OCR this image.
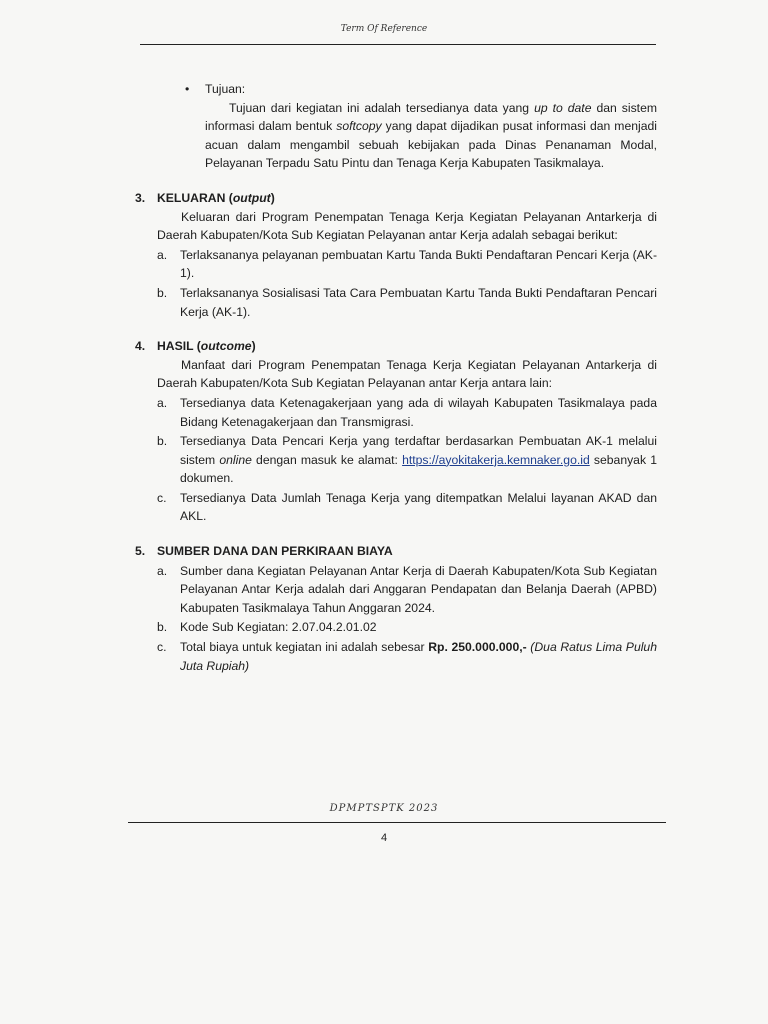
Term Of Reference
• Tujuan:
Tujuan dari kegiatan ini adalah tersedianya data yang up to date dan sistem informasi dalam bentuk softcopy yang dapat dijadikan pusat informasi dan menjadi acuan dalam mengambil sebuah kebijakan pada Dinas Penanaman Modal, Pelayanan Terpadu Satu Pintu dan Tenaga Kerja Kabupaten Tasikmalaya.
3. KELUARAN (output)
Keluaran dari Program Penempatan Tenaga Kerja Kegiatan Pelayanan Antarkerja di Daerah Kabupaten/Kota Sub Kegiatan Pelayanan antar Kerja adalah sebagai berikut:
a. Terlaksananya pelayanan pembuatan Kartu Tanda Bukti Pendaftaran Pencari Kerja (AK-1).
b. Terlaksananya Sosialisasi Tata Cara Pembuatan Kartu Tanda Bukti Pendaftaran Pencari Kerja (AK-1).
4. HASIL (outcome)
Manfaat dari Program Penempatan Tenaga Kerja Kegiatan Pelayanan Antarkerja di Daerah Kabupaten/Kota Sub Kegiatan Pelayanan antar Kerja antara lain:
a. Tersedianya data Ketenagakerjaan yang ada di wilayah Kabupaten Tasikmalaya pada Bidang Ketenagakerjaan dan Transmigrasi.
b. Tersedianya Data Pencari Kerja yang terdaftar berdasarkan Pembuatan AK-1 melalui sistem online dengan masuk ke alamat: https://ayokitakerja.kemnaker.go.id sebanyak 1 dokumen.
c. Tersedianya Data Jumlah Tenaga Kerja yang ditempatkan Melalui layanan AKAD dan AKL.
5. SUMBER DANA DAN PERKIRAAN BIAYA
a. Sumber dana Kegiatan Pelayanan Antar Kerja di Daerah Kabupaten/Kota Sub Kegiatan Pelayanan Antar Kerja adalah dari Anggaran Pendapatan dan Belanja Daerah (APBD) Kabupaten Tasikmalaya Tahun Anggaran 2024.
b. Kode Sub Kegiatan: 2.07.04.2.01.02
c. Total biaya untuk kegiatan ini adalah sebesar Rp. 250.000.000,- (Dua Ratus Lima Puluh Juta Rupiah)
DPMPTSPTK 2023
4
